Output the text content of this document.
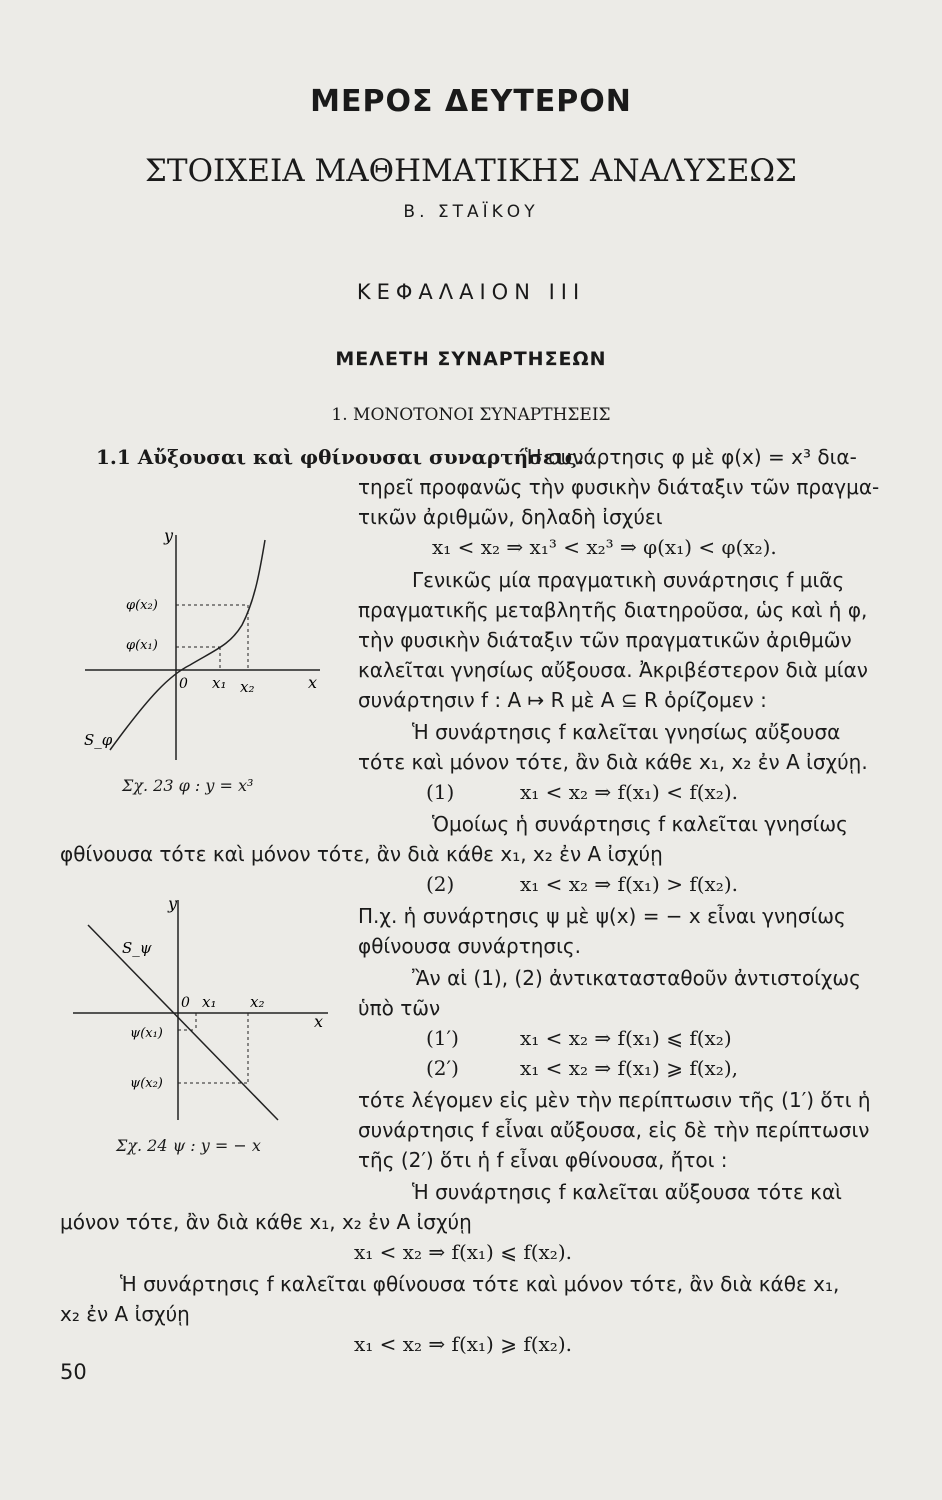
ΜΕΡΟΣ ΔΕΥΤΕΡΟΝ
ΣΤΟΙΧΕΙΑ ΜΑΘΗΜΑΤΙΚΗΣ ΑΝΑΛΥΣΕΩΣ
Β. ΣΤΑΪΚΟΥ
ΚΕΦΑΛΑΙΟΝ ΙΙΙ
ΜΕΛΕΤΗ ΣΥΝΑΡΤΗΣΕΩΝ
1. ΜΟΝΟΤΟΝΟΙ ΣΥΝΑΡΤΗΣΕΙΣ
1.1 Αὔξουσαι καὶ φθίνουσαι συναρτήσεις.
Ἡ συνάρτησις φ μὲ φ(x) = x³ δια-
τηρεῖ προφανῶς τὴν φυσικὴν διάταξιν τῶν πραγμα-
τικῶν ἀριθμῶν, δηλαδὴ ἰσχύει
x₁ < x₂ ⇒ x₁³ < x₂³ ⇒ φ(x₁) < φ(x₂).
Γενικῶς μία πραγματικὴ συνάρτησις f μιᾶς
πραγματικῆς μεταβλητῆς διατηροῦσα, ὡς καὶ ἡ φ,
τὴν φυσικὴν διάταξιν τῶν πραγματικῶν ἀριθμῶν
καλεῖται γνησίως αὔξουσα. Ἀκριβέστερον διὰ μίαν
συνάρτησιν f : A ↦ R μὲ A ⊆ R ὁρίζομεν :
Ἡ συνάρτησις f καλεῖται γνησίως αὔξουσα
τότε καὶ μόνον τότε, ἂν διὰ κάθε x₁, x₂ ἐν A ἰσχύῃ.
(1)	x₁ < x₂ ⇒ f(x₁) < f(x₂).
Ὁμοίως ἡ συνάρτησις f καλεῖται γνησίως
φθίνουσα τότε καὶ μόνον τότε, ἂν διὰ κάθε x₁, x₂ ἐν A ἰσχύῃ
(2)	x₁ < x₂ ⇒ f(x₁) > f(x₂).
Π.χ. ἡ συνάρτησις ψ μὲ ψ(x) = − x εἶναι γνησίως
φθίνουσα συνάρτησις.
Ἂν αἱ (1), (2) ἀντικατασταθοῦν ἀντιστοίχως
ὑπὸ τῶν
(1′)	x₁ < x₂ ⇒ f(x₁) ⩽ f(x₂)
(2′)	x₁ < x₂ ⇒ f(x₁) ⩾ f(x₂),
τότε λέγομεν εἰς μὲν τὴν περίπτωσιν τῆς (1′) ὅτι ἡ
συνάρτησις f εἶναι αὔξουσα, εἰς δὲ τὴν περίπτωσιν
τῆς (2′) ὅτι ἡ f εἶναι φθίνουσα, ἤτοι :
Ἡ συνάρτησις f καλεῖται αὔξουσα τότε καὶ
μόνον τότε, ἂν διὰ κάθε x₁, x₂ ἐν A ἰσχύῃ
x₁ < x₂ ⇒ f(x₁) ⩽ f(x₂).
Ἡ συνάρτησις f καλεῖται φθίνουσα τότε καὶ μόνον τότε, ἂν διὰ κάθε x₁,
x₂ ἐν A ἰσχύῃ
x₁ < x₂ ⇒ f(x₁) ⩾ f(x₂).
y
x
0 x₁ x₂
φ(x₂)
φ(x₁)
S_φ
Σχ. 23 φ : y = x³
y
x
0 x₁ x₂
ψ(x₁)
ψ(x₂)
S_ψ
Σχ. 24 ψ : y = − x
50
